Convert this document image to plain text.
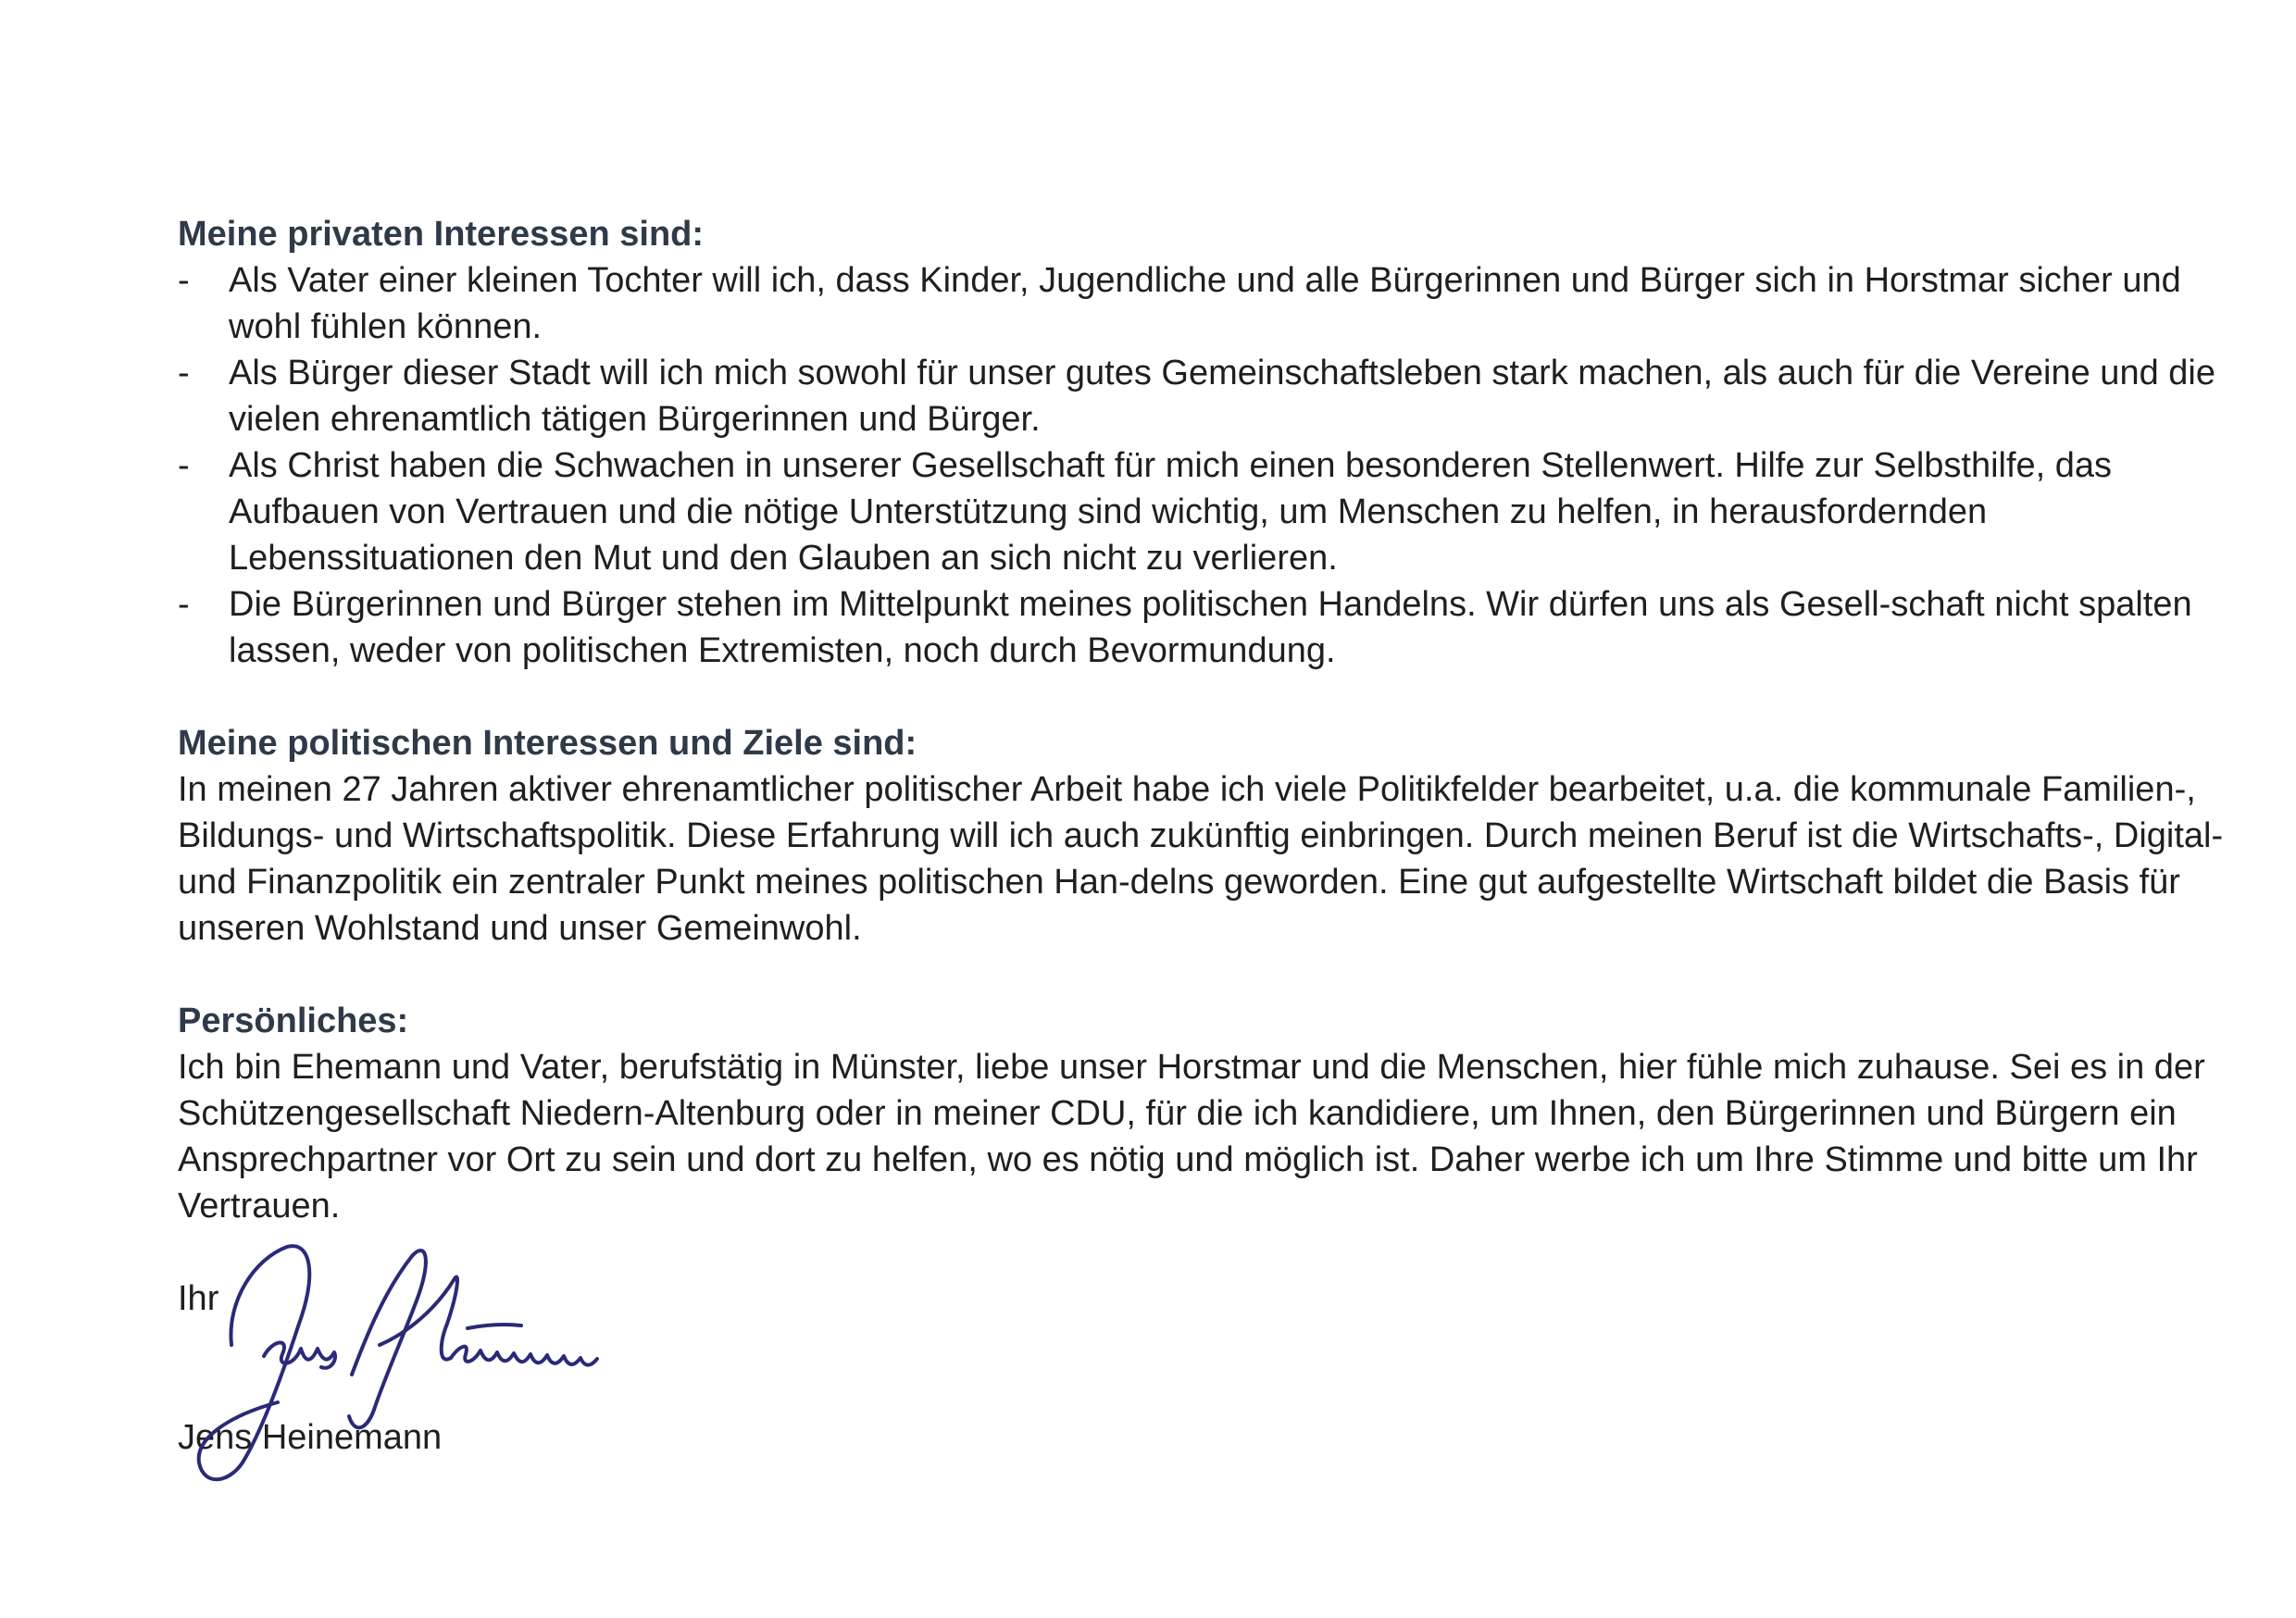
Meine privaten Interessen sind:
- Als Vater einer kleinen Tochter will ich, dass Kinder, Jugendliche und alle Bürgerinnen und Bürger sich in Horstmar sicher und wohl fühlen können.
- Als Bürger dieser Stadt will ich mich sowohl für unser gutes Gemeinschaftsleben stark machen, als auch für die Vereine und die vielen ehrenamtlich tätigen Bürgerinnen und Bürger.
- Als Christ haben die Schwachen in unserer Gesellschaft für mich einen besonderen Stellenwert. Hilfe zur Selbsthilfe, das Aufbauen von Vertrauen und die nötige Unterstützung sind wichtig, um Menschen zu helfen, in herausfordernden Lebenssituationen den Mut und den Glauben an sich nicht zu verlieren.
- Die Bürgerinnen und Bürger stehen im Mittelpunkt meines politischen Handelns. Wir dürfen uns als Gesell-schaft nicht spalten lassen, weder von politischen Extremisten, noch durch Bevormundung.
Meine politischen Interessen und Ziele sind:

In meinen 27 Jahren aktiver ehrenamtlicher politischer Arbeit habe ich viele Politikfelder bearbeitet, u.a. die kommunale Familien-, Bildungs- und Wirtschaftspolitik. Diese Erfahrung will ich auch zukünftig einbringen. Durch meinen Beruf ist die Wirtschafts-, Digital- und Finanzpolitik ein zentraler Punkt meines politischen Han-delns geworden. Eine gut aufgestellte Wirtschaft bildet die Basis für unseren Wohlstand und unser Gemeinwohl.

Persönliches:

Ich bin Ehemann und Vater, berufstätig in Münster, liebe unser Horstmar und die Menschen, hier fühle mich zuhause. Sei es in der Schützengesellschaft Niedern-Altenburg oder in meiner CDU, für die ich kandidiere, um Ihnen, den Bürgerinnen und Bürgern ein Ansprechpartner vor Ort zu sein und dort zu helfen, wo es nötig und möglich ist. Daher werbe ich um Ihre Stimme und bitte um Ihr Vertrauen.

Ihr

Jens Heinemann
